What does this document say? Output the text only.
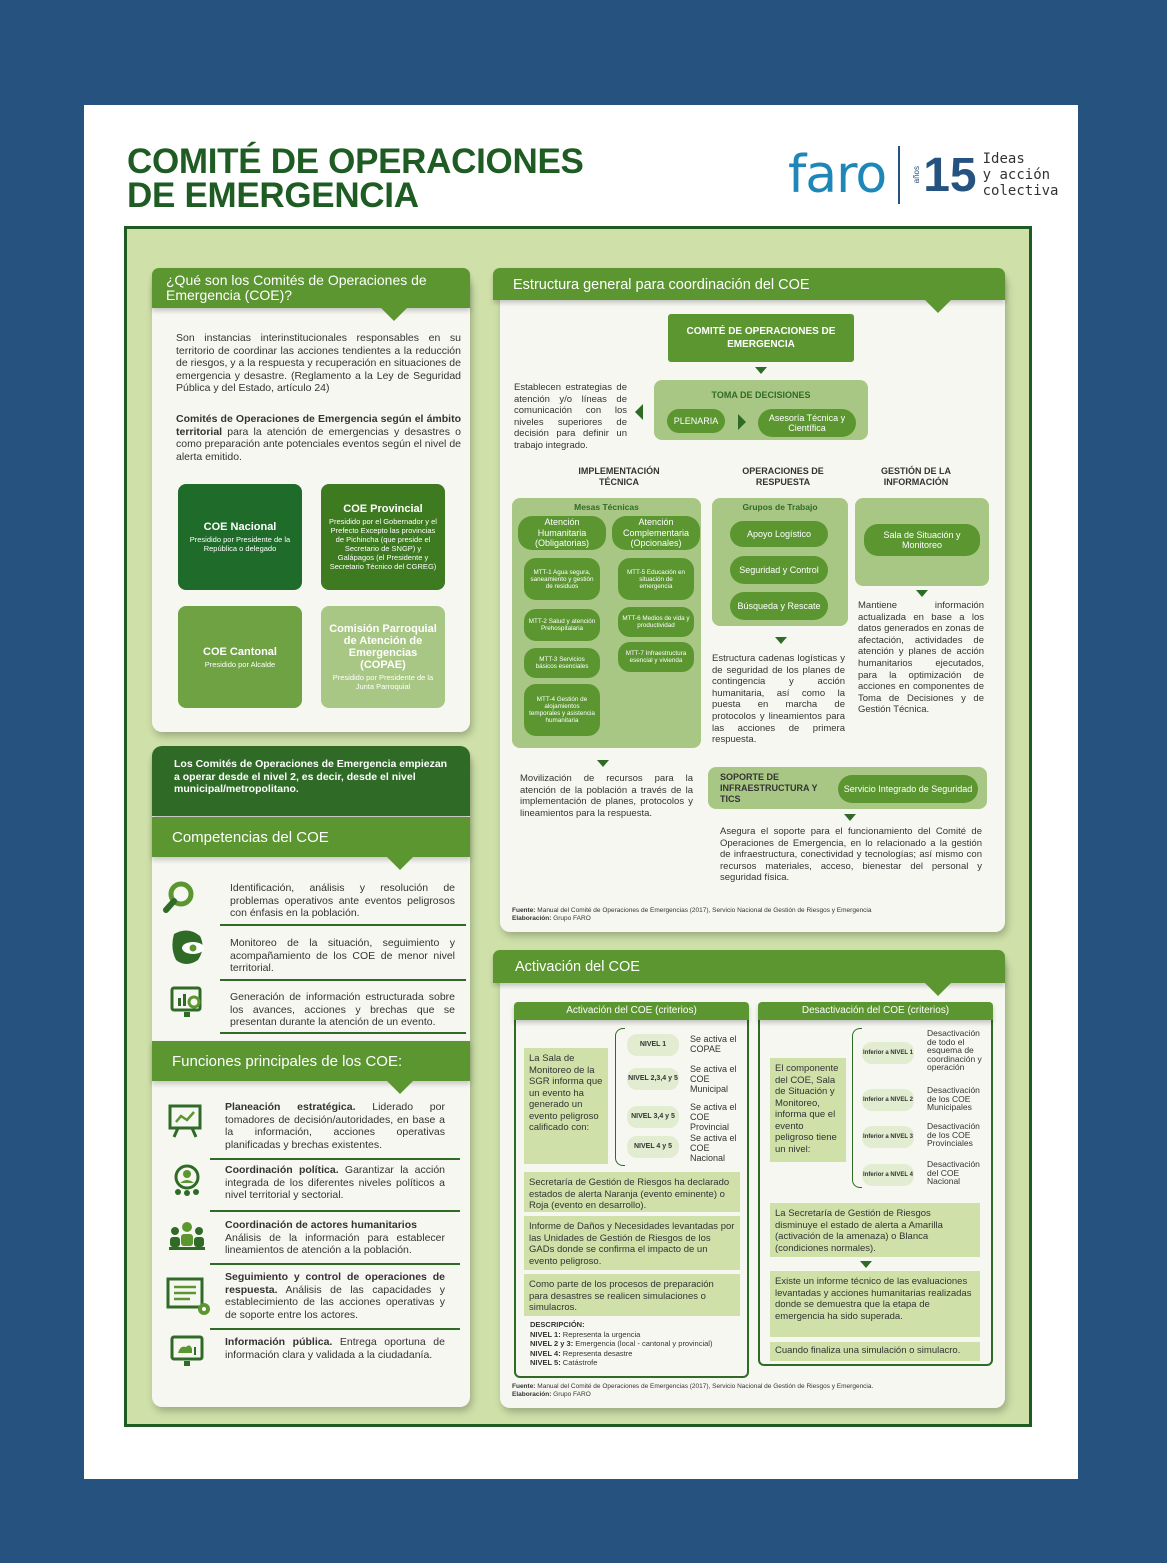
COMITÉ DE OPERACIONES
DE EMERGENCIA	faro	años 15 Ideas
y acción
colectiva
¿Qué son los Comités de Operaciones de Emergencia (COE)?
Son instancias interinstitucionales responsables en su territorio de coordinar las acciones tendientes a la reducción de riesgos, y a la respuesta y recuperación en situaciones de emergencia y desastre. (Reglamento a la Ley de Seguridad Pública y del Estado, artículo 24)
Comités de Operaciones de Emergencia según el ámbito territorial para la atención de emergencias y desastres o como preparación ante potenciales eventos según el nivel de alerta emitido.
COE Nacional
Presidido por Presidente de la República o delegado
COE Provincial
Presidido por el Gobernador y el Prefecto Excepto las provincias de Pichincha (que preside el Secretario de SNGP) y Galápagos (el Presidente y Secretario Técnico del CGREG)
COE Cantonal
Presidido por Alcalde
Comisión Parroquial de Atención de Emergencias (COPAE)
Presidido por Presidente de la Junta Parroquial
Los Comités de Operaciones de Emergencia empiezan a operar desde el nivel 2, es decir, desde el nivel municipal/metropolitano.
Competencias del COE
Identificación, análisis y resolución de problemas operativos ante eventos peligrosos con énfasis en la población.
Monitoreo de la situación, seguimiento y acompañamiento de los COE de menor nivel territorial.
Generación de información estructurada sobre los avances, acciones y brechas que se presentan durante la atención de un evento.
Funciones principales de los COE:
Planeación estratégica. Liderado por tomadores de decisión/autoridades, en base a la información, acciones operativas planificadas y brechas existentes.
Coordinación política. Garantizar la acción integrada de los diferentes niveles políticos a nivel territorial y sectorial.
Coordinación de actores humanitarios
Análisis de la información para establecer lineamientos de atención a la población.
Seguimiento y control de operaciones de respuesta. Análisis de las capacidades y establecimiento de las acciones operativas y de soporte entre los actores.
Información pública. Entrega oportuna de información clara y validada a la ciudadanía.
Estructura general para coordinación del COE
COMITÉ DE OPERACIONES DE EMERGENCIA
TOMA DE DECISIONES
PLENARIA	Asesoría Técnica y Científica
Establecen estrategias de atención y/o líneas de comunicación con los niveles superiores de decisión para definir un trabajo integrado.
IMPLEMENTACIÓN TÉCNICA
OPERACIONES DE RESPUESTA
GESTIÓN DE LA INFORMACIÓN
Mesas Técnicas
Atención Humanitaria (Obligatorias)
Atención Complementaria (Opcionales)
MTT-1 Agua segura, saneamiento y gestión de residuos
MTT-2 Salud y atención Prehospitalaria
MTT-3 Servicios básicos esenciales
MTT-4 Gestión de alojamientos temporales y asistencia humanitaria
MTT-5 Educación en situación de emergencia
MTT-6 Medios de vida y productividad
MTT-7 Infraestructura esencial y vivienda
Grupos de Trabajo
Apoyo Logístico
Seguridad y Control
Búsqueda y Rescate
Sala de Situación y Monitoreo
Estructura cadenas logísticas y de seguridad de los planes de contingencia y acción humanitaria, así como la puesta en marcha de protocolos y lineamientos para las acciones de primera respuesta.
Mantiene información actualizada en base a los datos generados en zonas de afectación, actividades de atención y planes de acción humanitarios ejecutados, para la optimización de acciones en componentes de Toma de Decisiones y de Gestión Técnica.
Movilización de recursos para la atención de la población a través de la implementación de planes, protocolos y lineamientos para la respuesta.
SOPORTE DE INFRAESTRUCTURA Y TICS
Servicio Integrado de Seguridad
Asegura el soporte para el funcionamiento del Comité de Operaciones de Emergencia, en lo relacionado a la gestión de infraestructura, conectividad y tecnologías; así mismo con recursos materiales, acceso, bienestar del personal y seguridad física.
Fuente: Manual del Comité de Operaciones de Emergencias (2017), Servicio Nacional de Gestión de Riesgos y Emergencia
Elaboración: Grupo FARO
Activación del COE
Activación del COE (criterios)
La Sala de Monitoreo de la SGR informa que un evento ha generado un evento peligroso calificado con:
NIVEL 1
Se activa el COPAE
NIVEL 2,3,4 y 5
Se activa el COE Municipal
NIVEL 3,4 y 5
Se activa el COE Provincial
NIVEL 4 y 5
Se activa el COE Nacional
Secretaría de Gestión de Riesgos ha declarado estados de alerta Naranja (evento eminente) o Roja (evento en desarrollo).
Informe de Daños y Necesidades levantadas por las Unidades de Gestión de Riesgos de los GADs donde se confirma el impacto de un evento peligroso.
Como parte de los procesos de preparación para desastres se realicen simulaciones o simulacros.
DESCRIPCIÓN:
NIVEL 1: Representa la urgencia
NIVEL 2 y 3: Emergencia (local - cantonal y provincial)
NIVEL 4: Representa desastre
NIVEL 5: Catástrofe
Desactivación del COE (criterios)
El componente del COE, Sala de Situación y Monitoreo, informa que el evento peligroso tiene un nivel:
Inferior a NIVEL 1
Desactivación de todo el esquema de coordinación y operación
Inferior a NIVEL 2
Desactivación de los COE Municipales
Inferior a NIVEL 3
Desactivación de los COE Provinciales
Inferior a NIVEL 4
Desactivación del COE Nacional
La Secretaría de Gestión de Riesgos disminuye el estado de alerta a Amarilla (activación de la amenaza) o Blanca (condiciones normales).
Existe un informe técnico de las evaluaciones levantadas y acciones humanitarias realizadas donde se demuestra que la etapa de emergencia ha sido superada.
Cuando finaliza una simulación o simulacro.
Fuente: Manual del Comité de Operaciones de Emergencias (2017), Servicio Nacional de Gestión de Riesgos y Emergencia.
Elaboración: Grupo FARO
